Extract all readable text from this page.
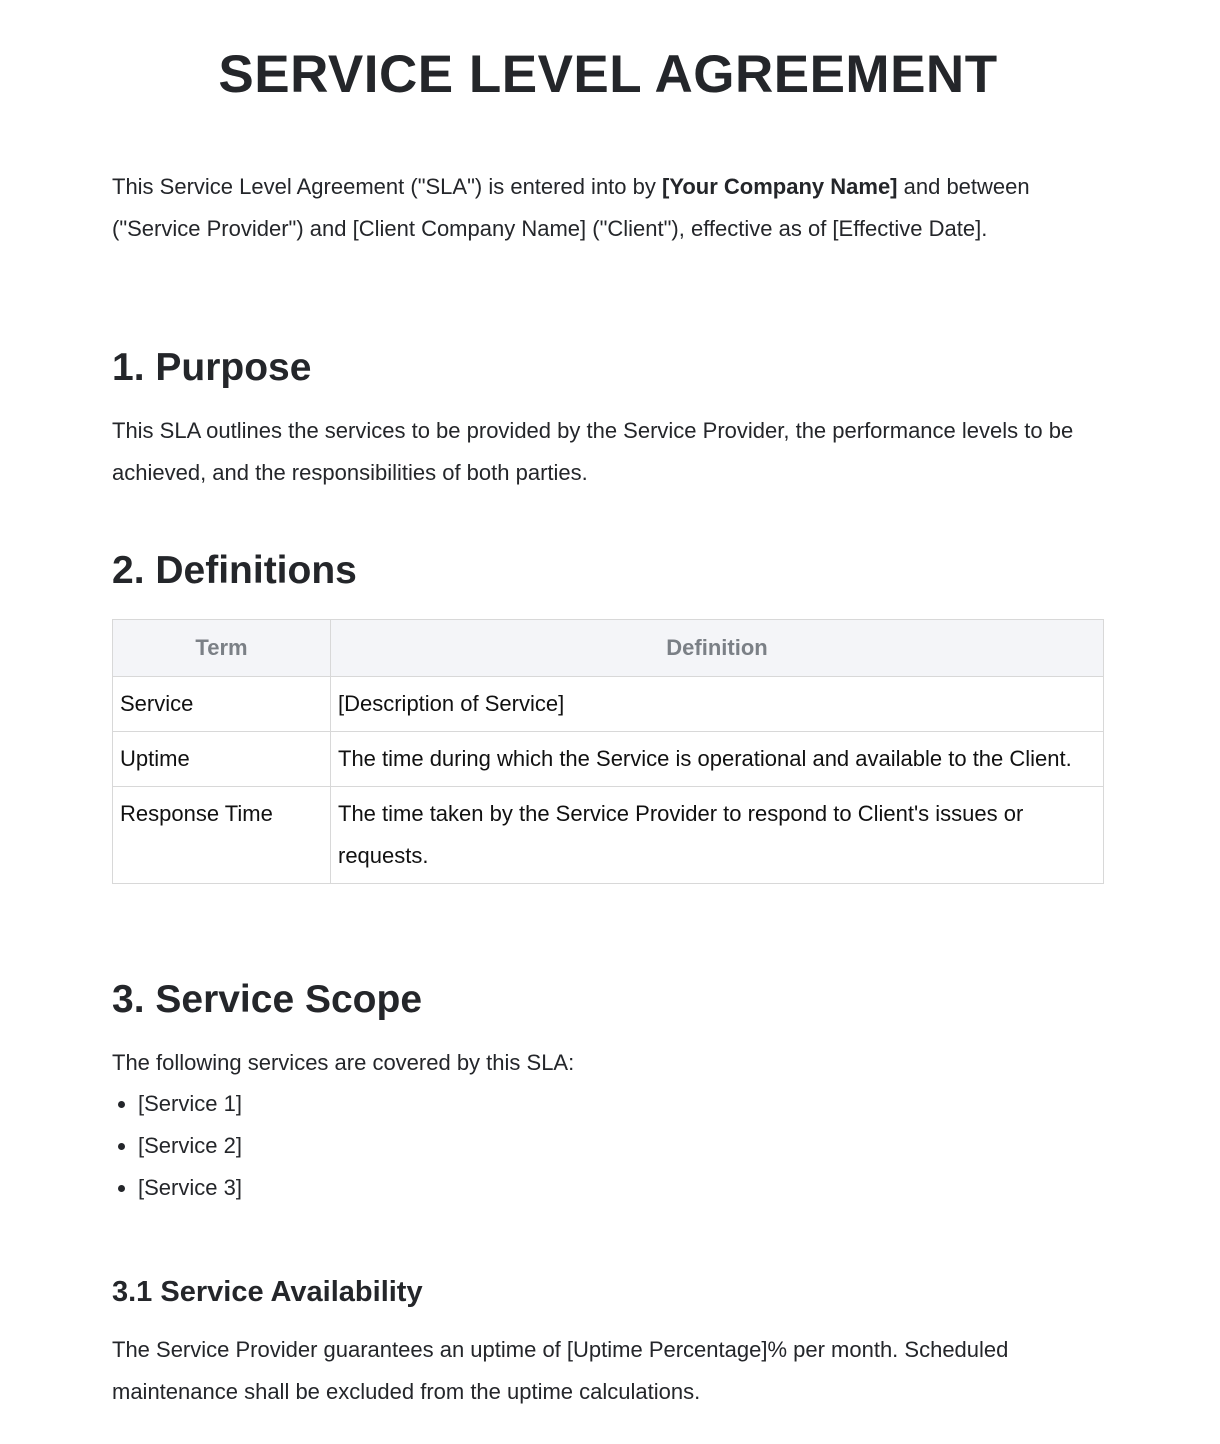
SERVICE LEVEL AGREEMENT

This Service Level Agreement ("SLA") is entered into by [Your Company Name] and between ("Service Provider") and [Client Company Name] ("Client"), effective as of [Effective Date].

1. Purpose

This SLA outlines the services to be provided by the Service Provider, the performance levels to be achieved, and the responsibilities of both parties.

2. Definitions
Term	Definition
Service	[Description of Service]
Uptime	The time during which the Service is operational and available to the Client.
Response Time	The time taken by the Service Provider to respond to Client's issues or requests.
3. Service Scope

The following services are covered by this SLA:

• [Service 1]
• [Service 2]
• [Service 3]
3.1 Service Availability

The Service Provider guarantees an uptime of [Uptime Percentage]% per month. Scheduled maintenance shall be excluded from the uptime calculations.
